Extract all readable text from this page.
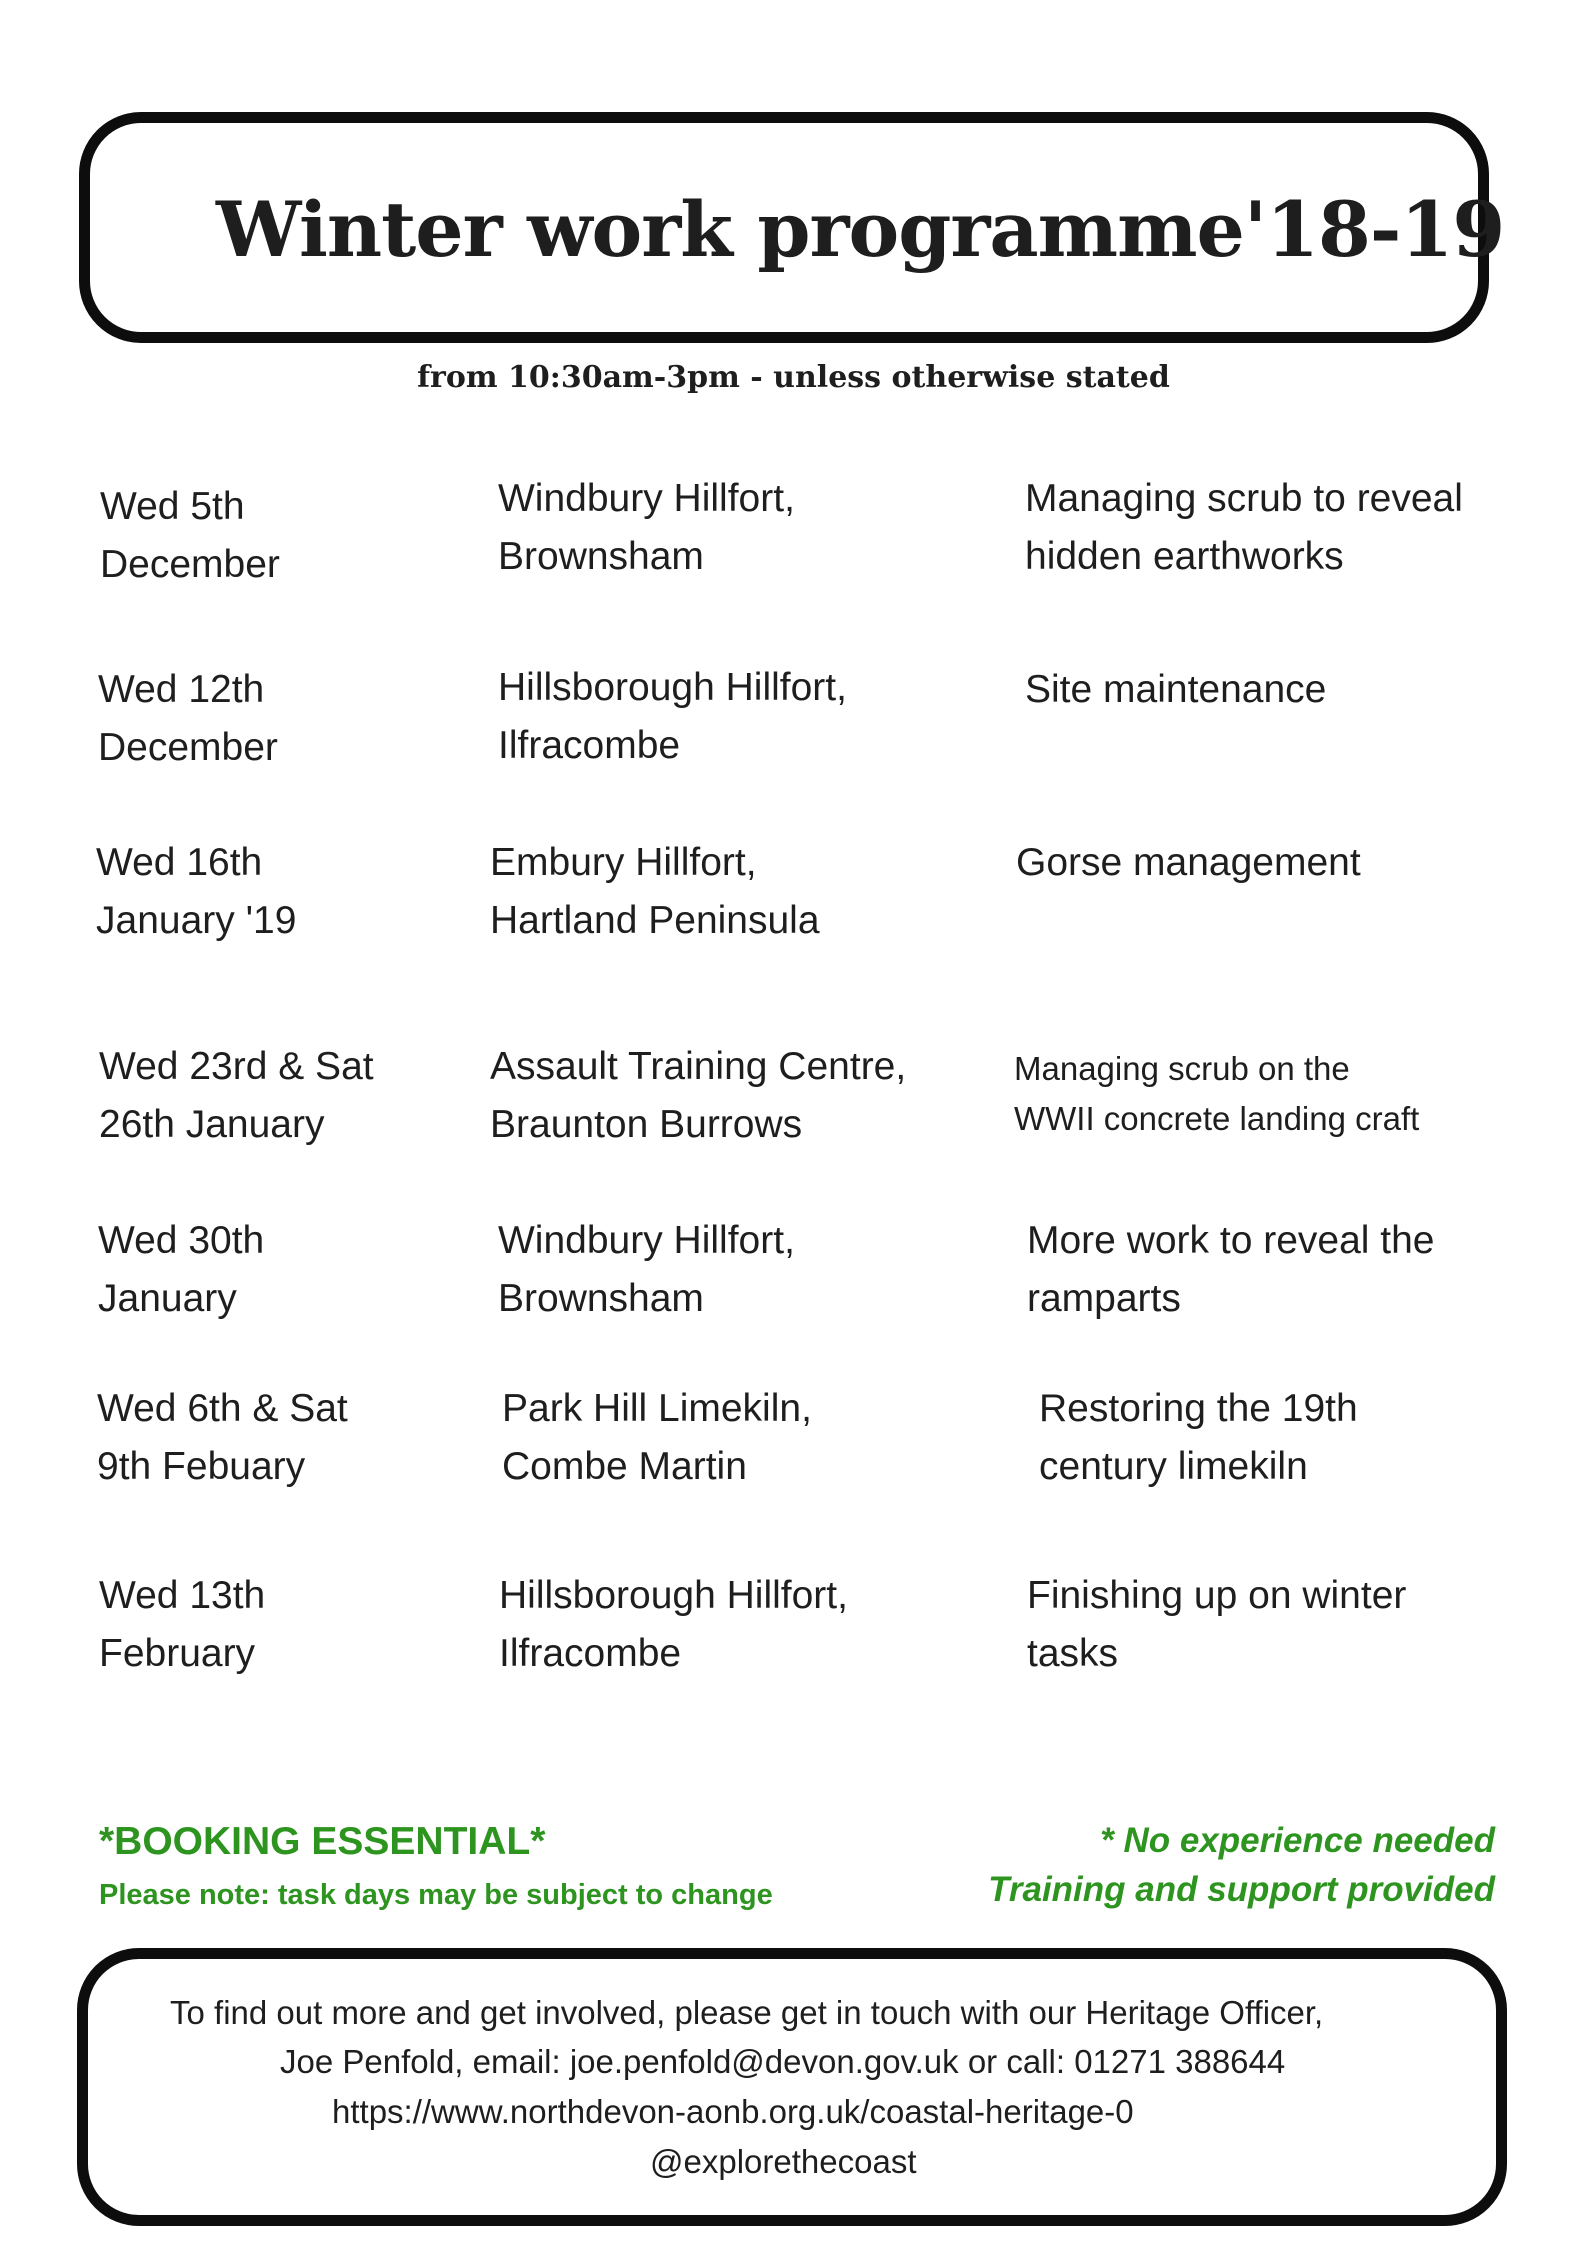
Winter work programme'18-19
from 10:30am-3pm - unless otherwise stated
Wed 5th
December
Windbury Hillfort,
Brownsham
Managing scrub to reveal
hidden earthworks
Wed 12th
December
Hillsborough Hillfort,
Ilfracombe
Site maintenance
Wed 16th
January '19
Embury Hillfort,
Hartland Peninsula
Gorse management
Wed 23rd & Sat
26th January
Assault Training Centre,
Braunton Burrows
Managing scrub on the
WWII concrete landing craft
Wed 30th
January
Windbury Hillfort,
Brownsham
More work to reveal the
ramparts
Wed 6th & Sat
9th Febuary
Park Hill Limekiln,
Combe Martin
Restoring the 19th
century limekiln
Wed 13th
February
Hillsborough Hillfort,
Ilfracombe
Finishing up on winter
tasks
*BOOKING ESSENTIAL*
Please note: task days may be subject to change
* No experience needed
Training and support provided
To find out more and get involved, please get in touch with our Heritage Officer,
Joe Penfold, email: joe.penfold@devon.gov.uk or call: 01271 388644
https://www.northdevon-aonb.org.uk/coastal-heritage-0
@explorethecoast
